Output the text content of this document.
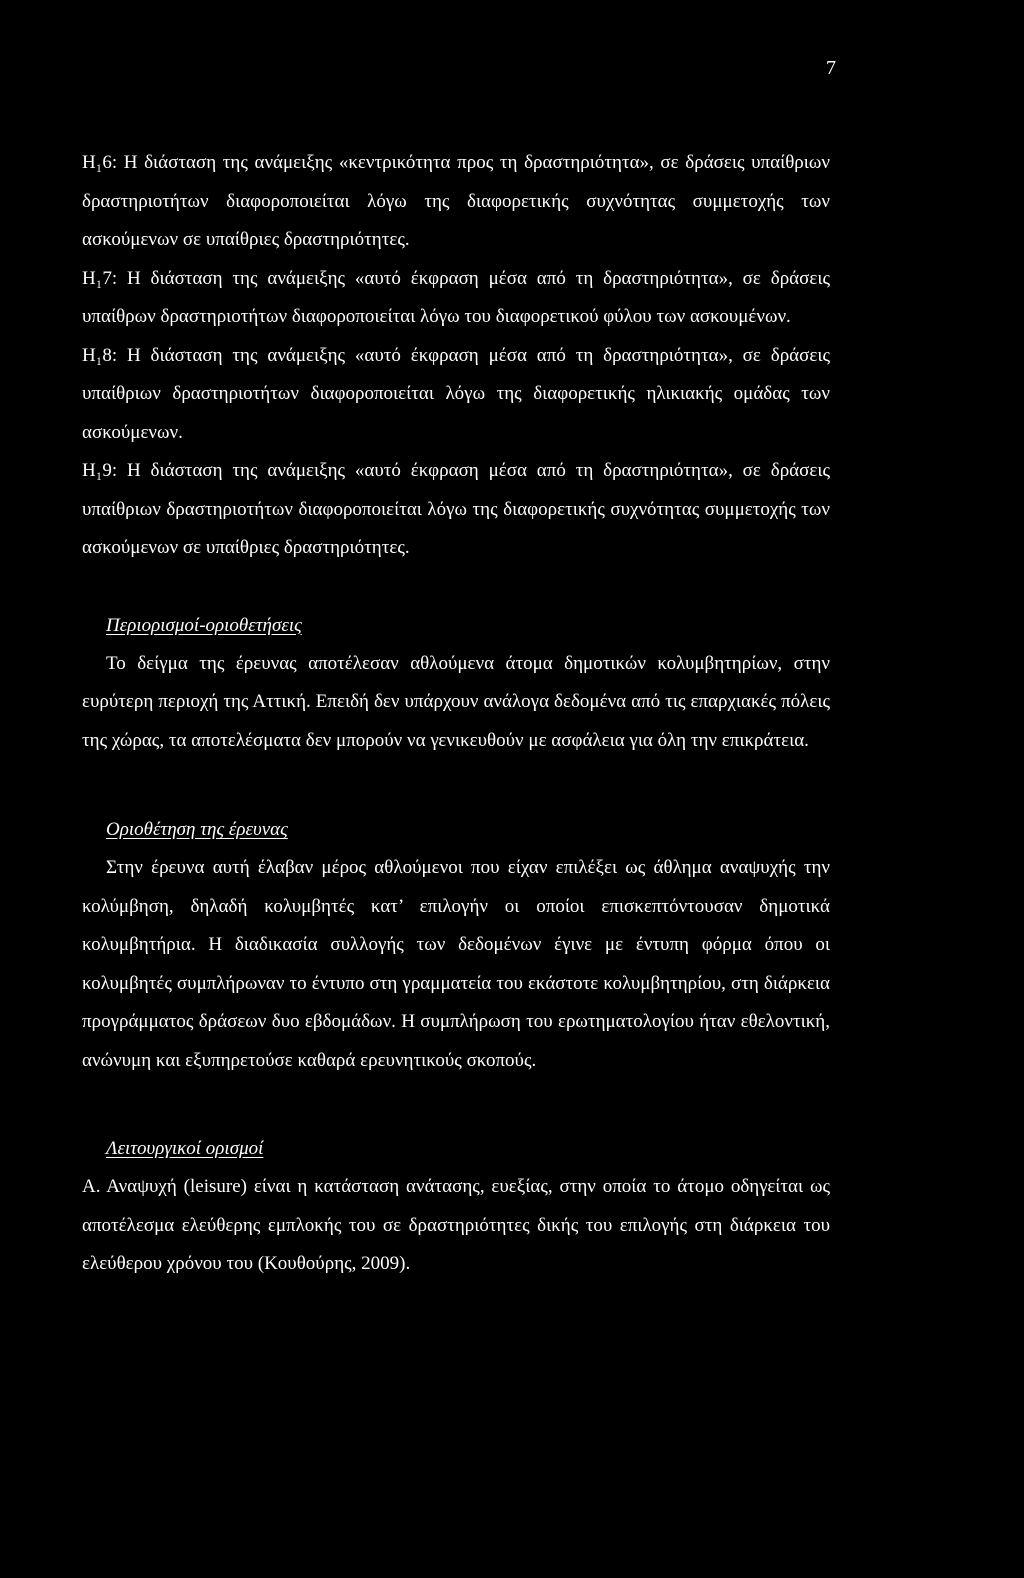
7

Η₁6: Η διάσταση της ανάμειξης «κεντρικότητα προς τη δραστηριότητα», σε δράσεις υπαίθριων δραστηριοτήτων διαφοροποιείται λόγω της διαφορετικής συχνότητας συμμετοχής των ασκούμενων σε υπαίθριες δραστηριότητες.

Η₁7: Η διάσταση της ανάμειξης «αυτό έκφραση μέσα από τη δραστηριότητα», σε δράσεις υπαίθρων δραστηριοτήτων διαφοροποιείται λόγω του διαφορετικού φύλου των ασκουμένων.

Η₁8: Η διάσταση της ανάμειξης «αυτό έκφραση μέσα από τη δραστηριότητα», σε δράσεις υπαίθριων δραστηριοτήτων διαφοροποιείται λόγω της διαφορετικής ηλικιακής ομάδας των ασκούμενων.

Η₁9: Η διάσταση της ανάμειξης «αυτό έκφραση μέσα από τη δραστηριότητα», σε δράσεις υπαίθριων δραστηριοτήτων διαφοροποιείται λόγω της διαφορετικής συχνότητας συμμετοχής των ασκούμενων σε υπαίθριες δραστηριότητες.

Περιορισμοί-οριοθετήσεις

Το δείγμα της έρευνας αποτέλεσαν αθλούμενα άτομα δημοτικών κολυμβητηρίων, στην ευρύτερη περιοχή της Αττική. Επειδή δεν υπάρχουν ανάλογα δεδομένα από τις επαρχιακές πόλεις της χώρας, τα αποτελέσματα δεν μπορούν να γενικευθούν με ασφάλεια για όλη την επικράτεια.

Οριοθέτηση της έρευνας

Στην έρευνα αυτή έλαβαν μέρος αθλούμενοι που είχαν επιλέξει ως άθλημα αναψυχής την κολύμβηση, δηλαδή κολυμβητές κατ’ επιλογήν οι οποίοι επισκεπτόντουσαν δημοτικά κολυμβητήρια. Η διαδικασία συλλογής των δεδομένων έγινε με έντυπη φόρμα όπου οι κολυμβητές συμπλήρωναν το έντυπο στη γραμματεία του εκάστοτε κολυμβητηρίου, στη διάρκεια προγράμματος δράσεων δυο εβδομάδων. Η συμπλήρωση του ερωτηματολογίου ήταν εθελοντική, ανώνυμη και εξυπηρετούσε καθαρά ερευνητικούς σκοπούς.

Λειτουργικοί ορισμοί

Α. Αναψυχή (leisure) είναι η κατάσταση ανάτασης, ευεξίας, στην οποία το άτομο οδηγείται ως αποτέλεσμα ελεύθερης εμπλοκής του σε δραστηριότητες δικής του επιλογής στη διάρκεια του ελεύθερου χρόνου του (Κουθούρης, 2009).
